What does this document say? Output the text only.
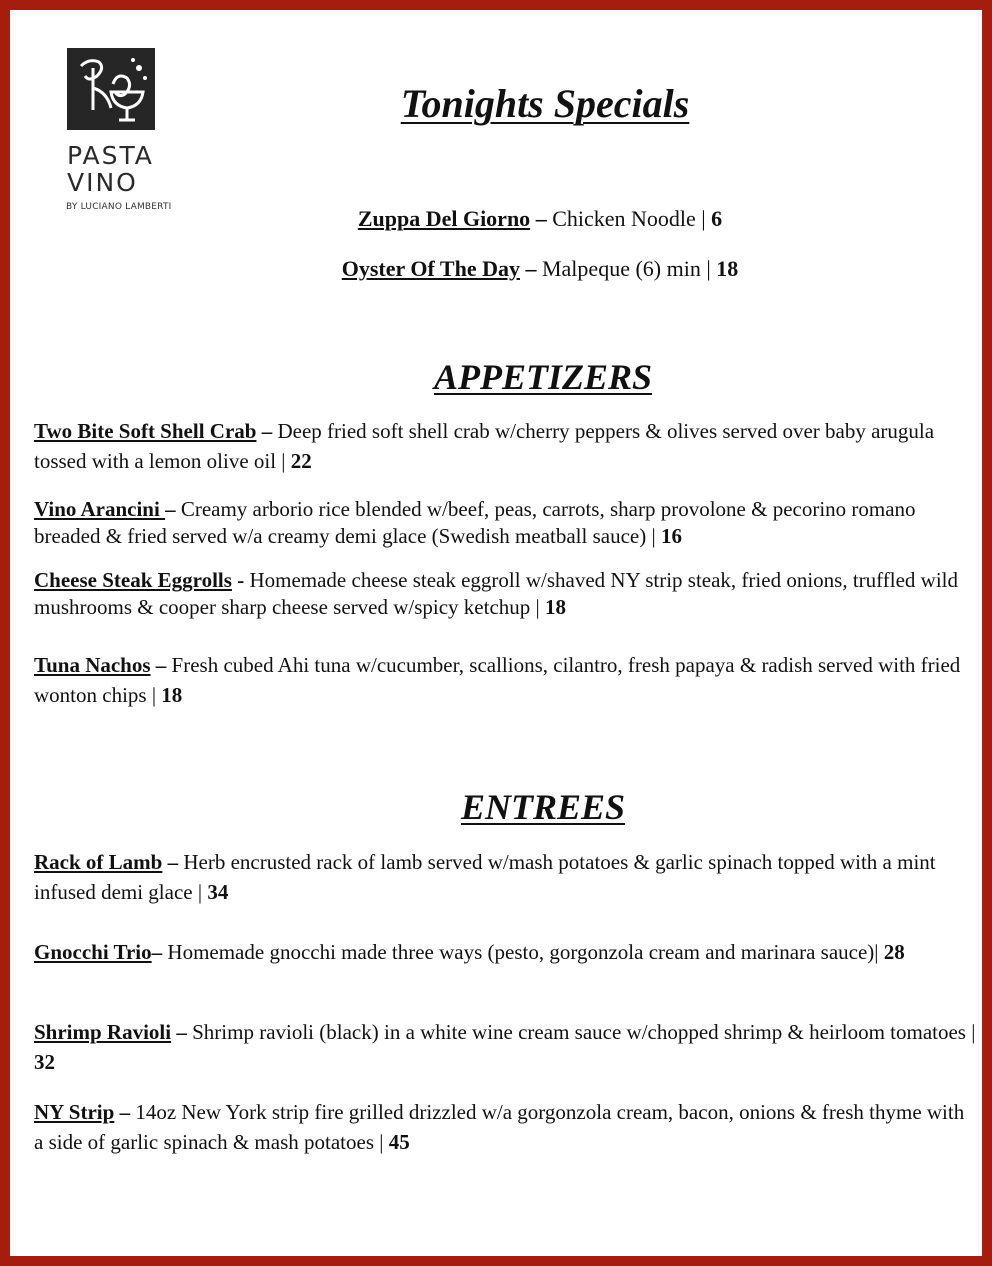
PASTA
VINO
BY LUCIANO LAMBERTI
Tonights Specials
Zuppa Del Giorno – Chicken Noodle | 6
Oyster Of The Day – Malpeque (6) min | 18
APPETIZERS
Two Bite Soft Shell Crab – Deep fried soft shell crab w/cherry peppers & olives served over baby arugula tossed with a lemon olive oil | 22
Vino Arancini – Creamy arborio rice blended w/beef, peas, carrots, sharp provolone & pecorino romano breaded & fried served w/a creamy demi glace (Swedish meatball sauce) | 16
Cheese Steak Eggrolls - Homemade cheese steak eggroll w/shaved NY strip steak, fried onions, truffled wild mushrooms & cooper sharp cheese served w/spicy ketchup | 18
Tuna Nachos – Fresh cubed Ahi tuna w/cucumber, scallions, cilantro, fresh papaya & radish served with fried wonton chips | 18
ENTREES
Rack of Lamb – Herb encrusted rack of lamb served w/mash potatoes & garlic spinach topped with a mint infused demi glace | 34
Gnocchi Trio– Homemade gnocchi made three ways (pesto, gorgonzola cream and marinara sauce)| 28
Shrimp Ravioli – Shrimp ravioli (black) in a white wine cream sauce w/chopped shrimp & heirloom tomatoes | 32
NY Strip – 14oz New York strip fire grilled drizzled w/a gorgonzola cream, bacon, onions & fresh thyme with a side of garlic spinach & mash potatoes | 45
